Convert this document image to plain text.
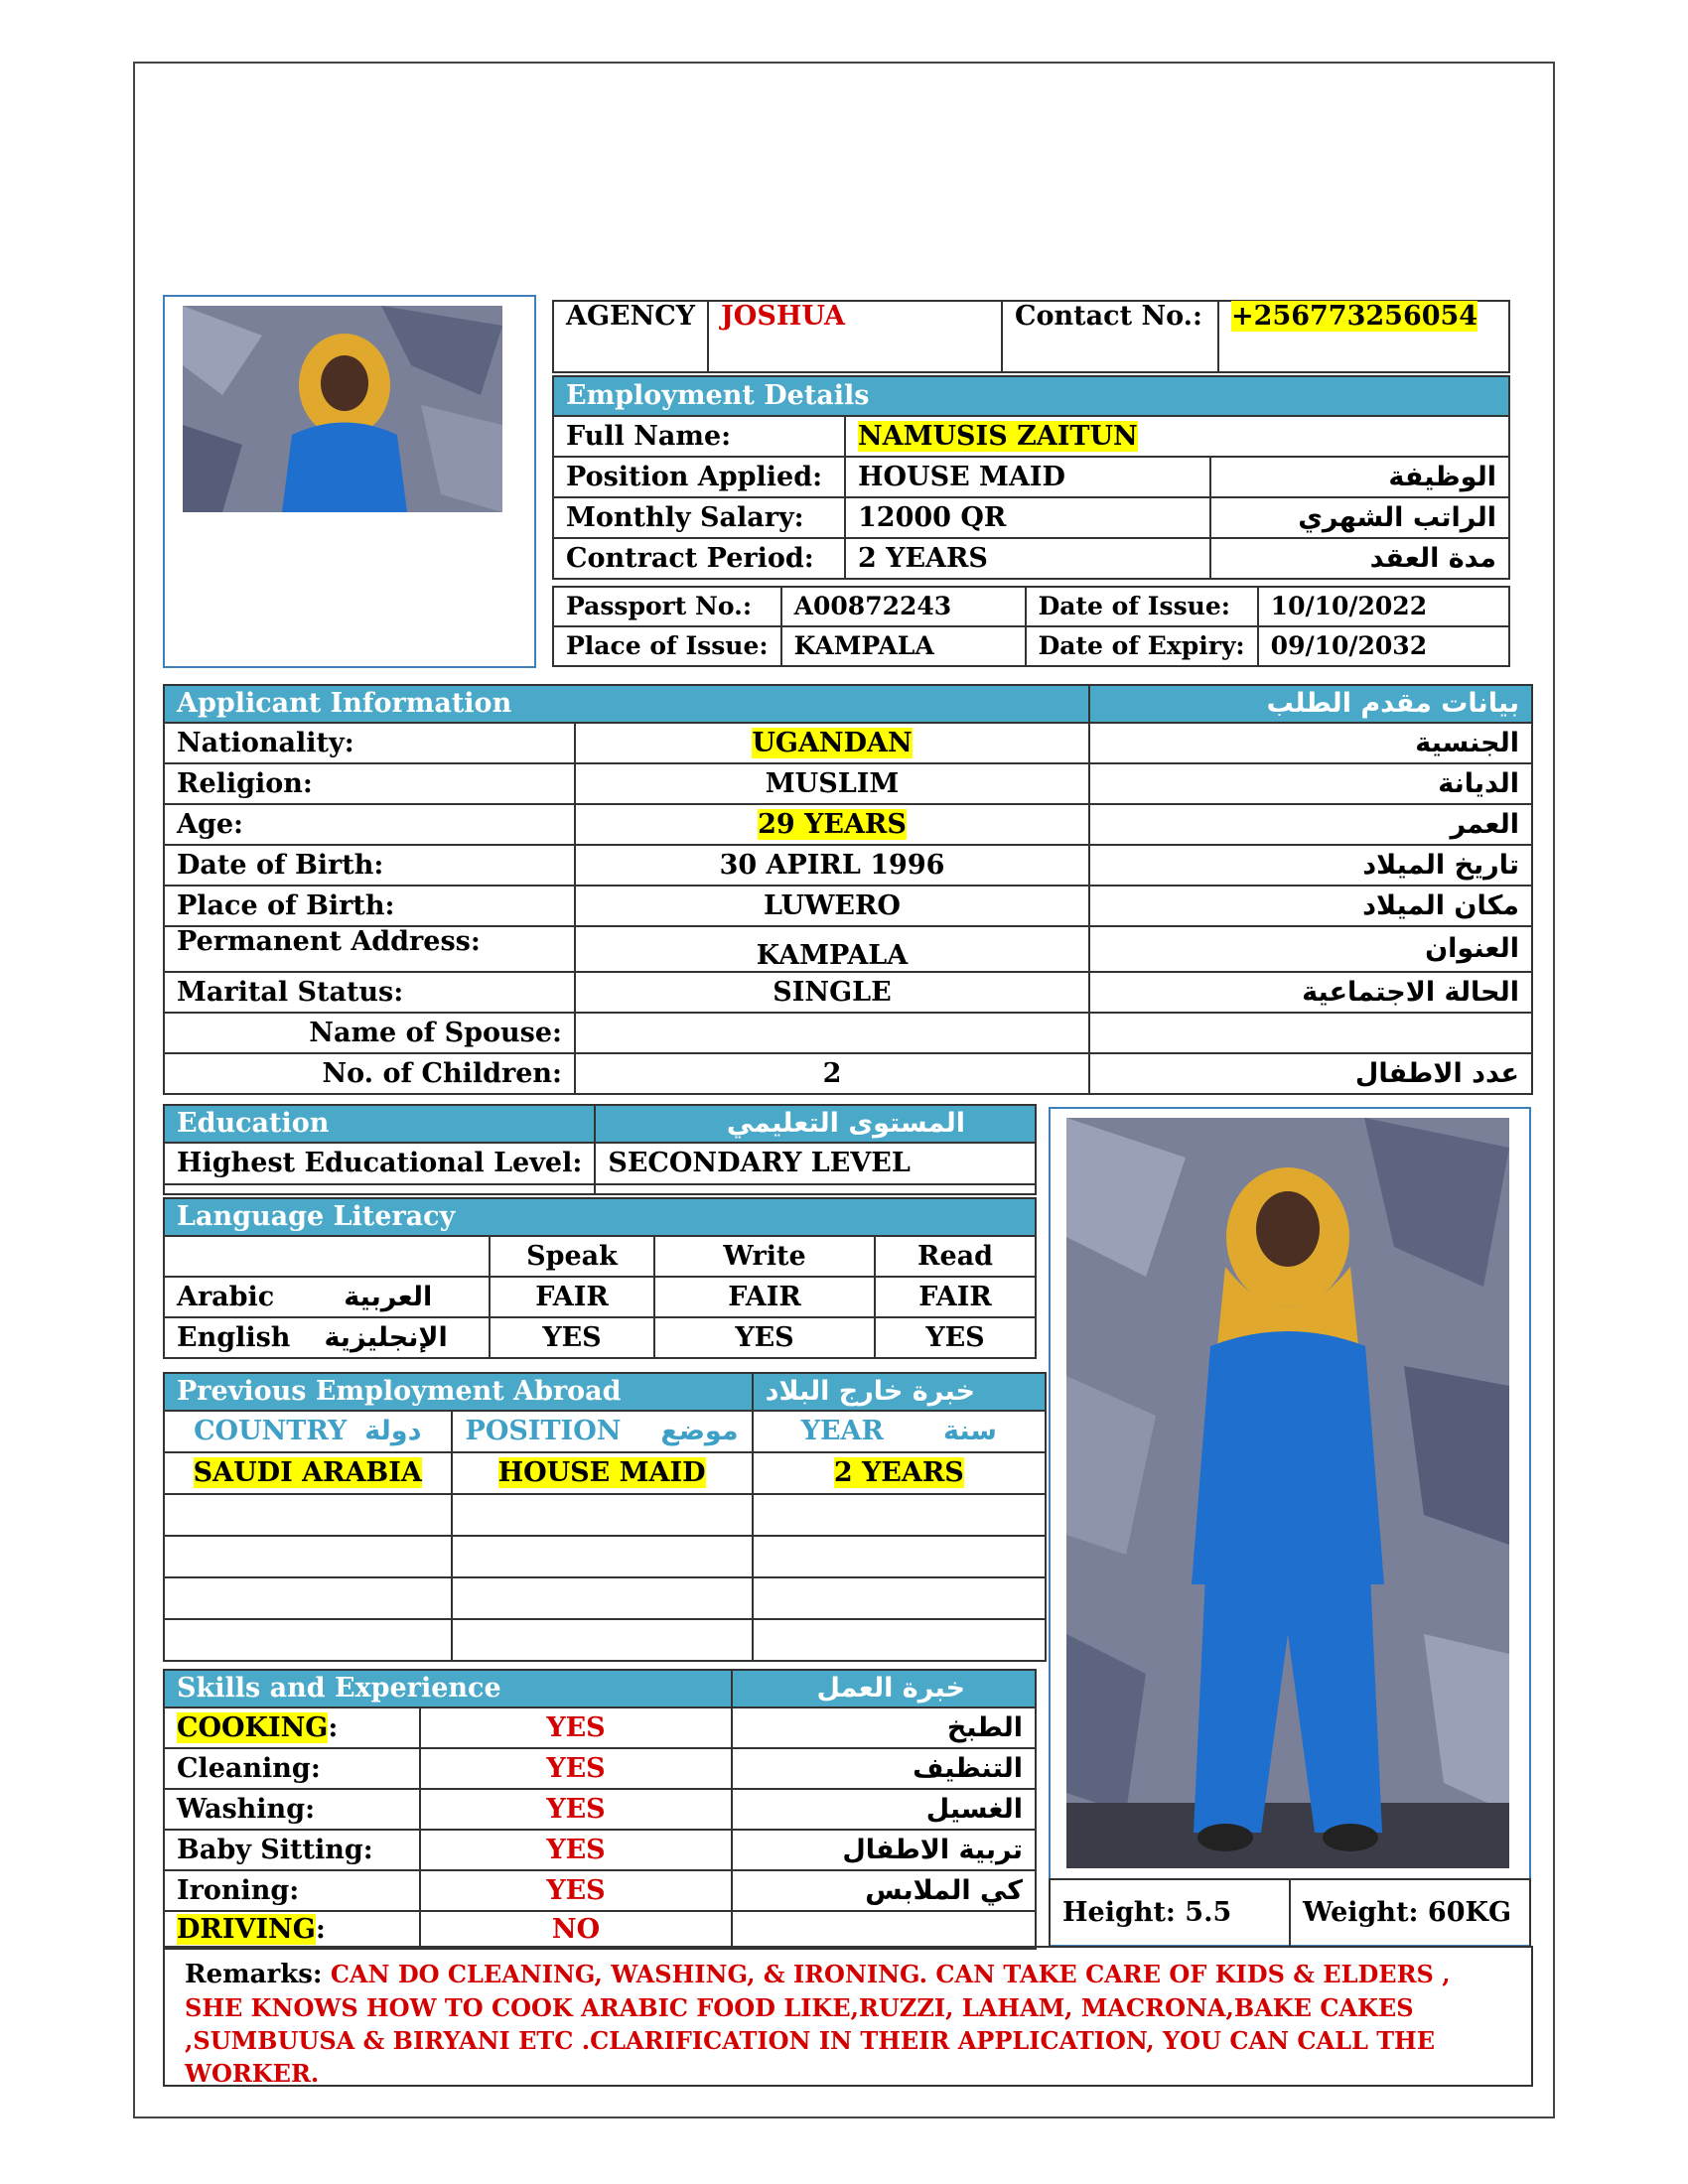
AGENCY	JOSHUA	Contact No.:	+256773256054
Employment Details		
Full Name:	NAMUSIS ZAITUN	
Position Applied:	HOUSE MAID	الوظيفة
Monthly Salary:	12000 QR	الراتب الشهري
Contract Period:	2 YEARS	مدة العقد
Passport No.:	A00872243	Date of Issue:	10/10/2022
Place of Issue:	KAMPALA	Date of Expiry:	09/10/2032
Applicant Information		بيانات مقدم الطلب
Nationality:	UGANDAN	الجنسية
Religion:	MUSLIM	الديانة
Age:	29 YEARS	العمر
Date of Birth:	30 APIRL 1996	تاريخ الميلاد
Place of Birth:	LUWERO	مكان الميلاد
Permanent Address:	KAMPALA	العنوان
Marital Status:	SINGLE	الحالة الاجتماعية
Name of Spouse:		
No. of Children:	2	عدد الاطفال
Education	المستوى التعليمي
Highest Educational Level:	SECONDARY LEVEL

Language Literacy			
	Speak	Write	Read
Arabic العربية	FAIR	FAIR	FAIR
English الإنجليزية	YES	YES	YES
Previous Employment Abroad		خبرة خارج البلاد
COUNTRY دولة	POSITION موضع	YEAR سنة
SAUDI ARABIA	HOUSE MAID	2 YEARS

Skills and Experience		خبرة العمل
COOKING:	YES	الطبخ
Cleaning:	YES	التنظيف
Washing:	YES	الغسيل
Baby Sitting:	YES	تربية الاطفال
Ironing:	YES	كي الملابس
DRIVING:	NO	
Height: 5.5	Weight: 60KG
Remarks: CAN DO CLEANING, WASHING, & IRONING. CAN TAKE CARE OF KIDS & ELDERS , SHE KNOWS HOW TO COOK ARABIC FOOD LIKE,RUZZI, LAHAM, MACRONA,BAKE CAKES ,SUMBUUSA & BIRYANI ETC .CLARIFICATION IN THEIR APPLICATION, YOU CAN CALL THE WORKER.
